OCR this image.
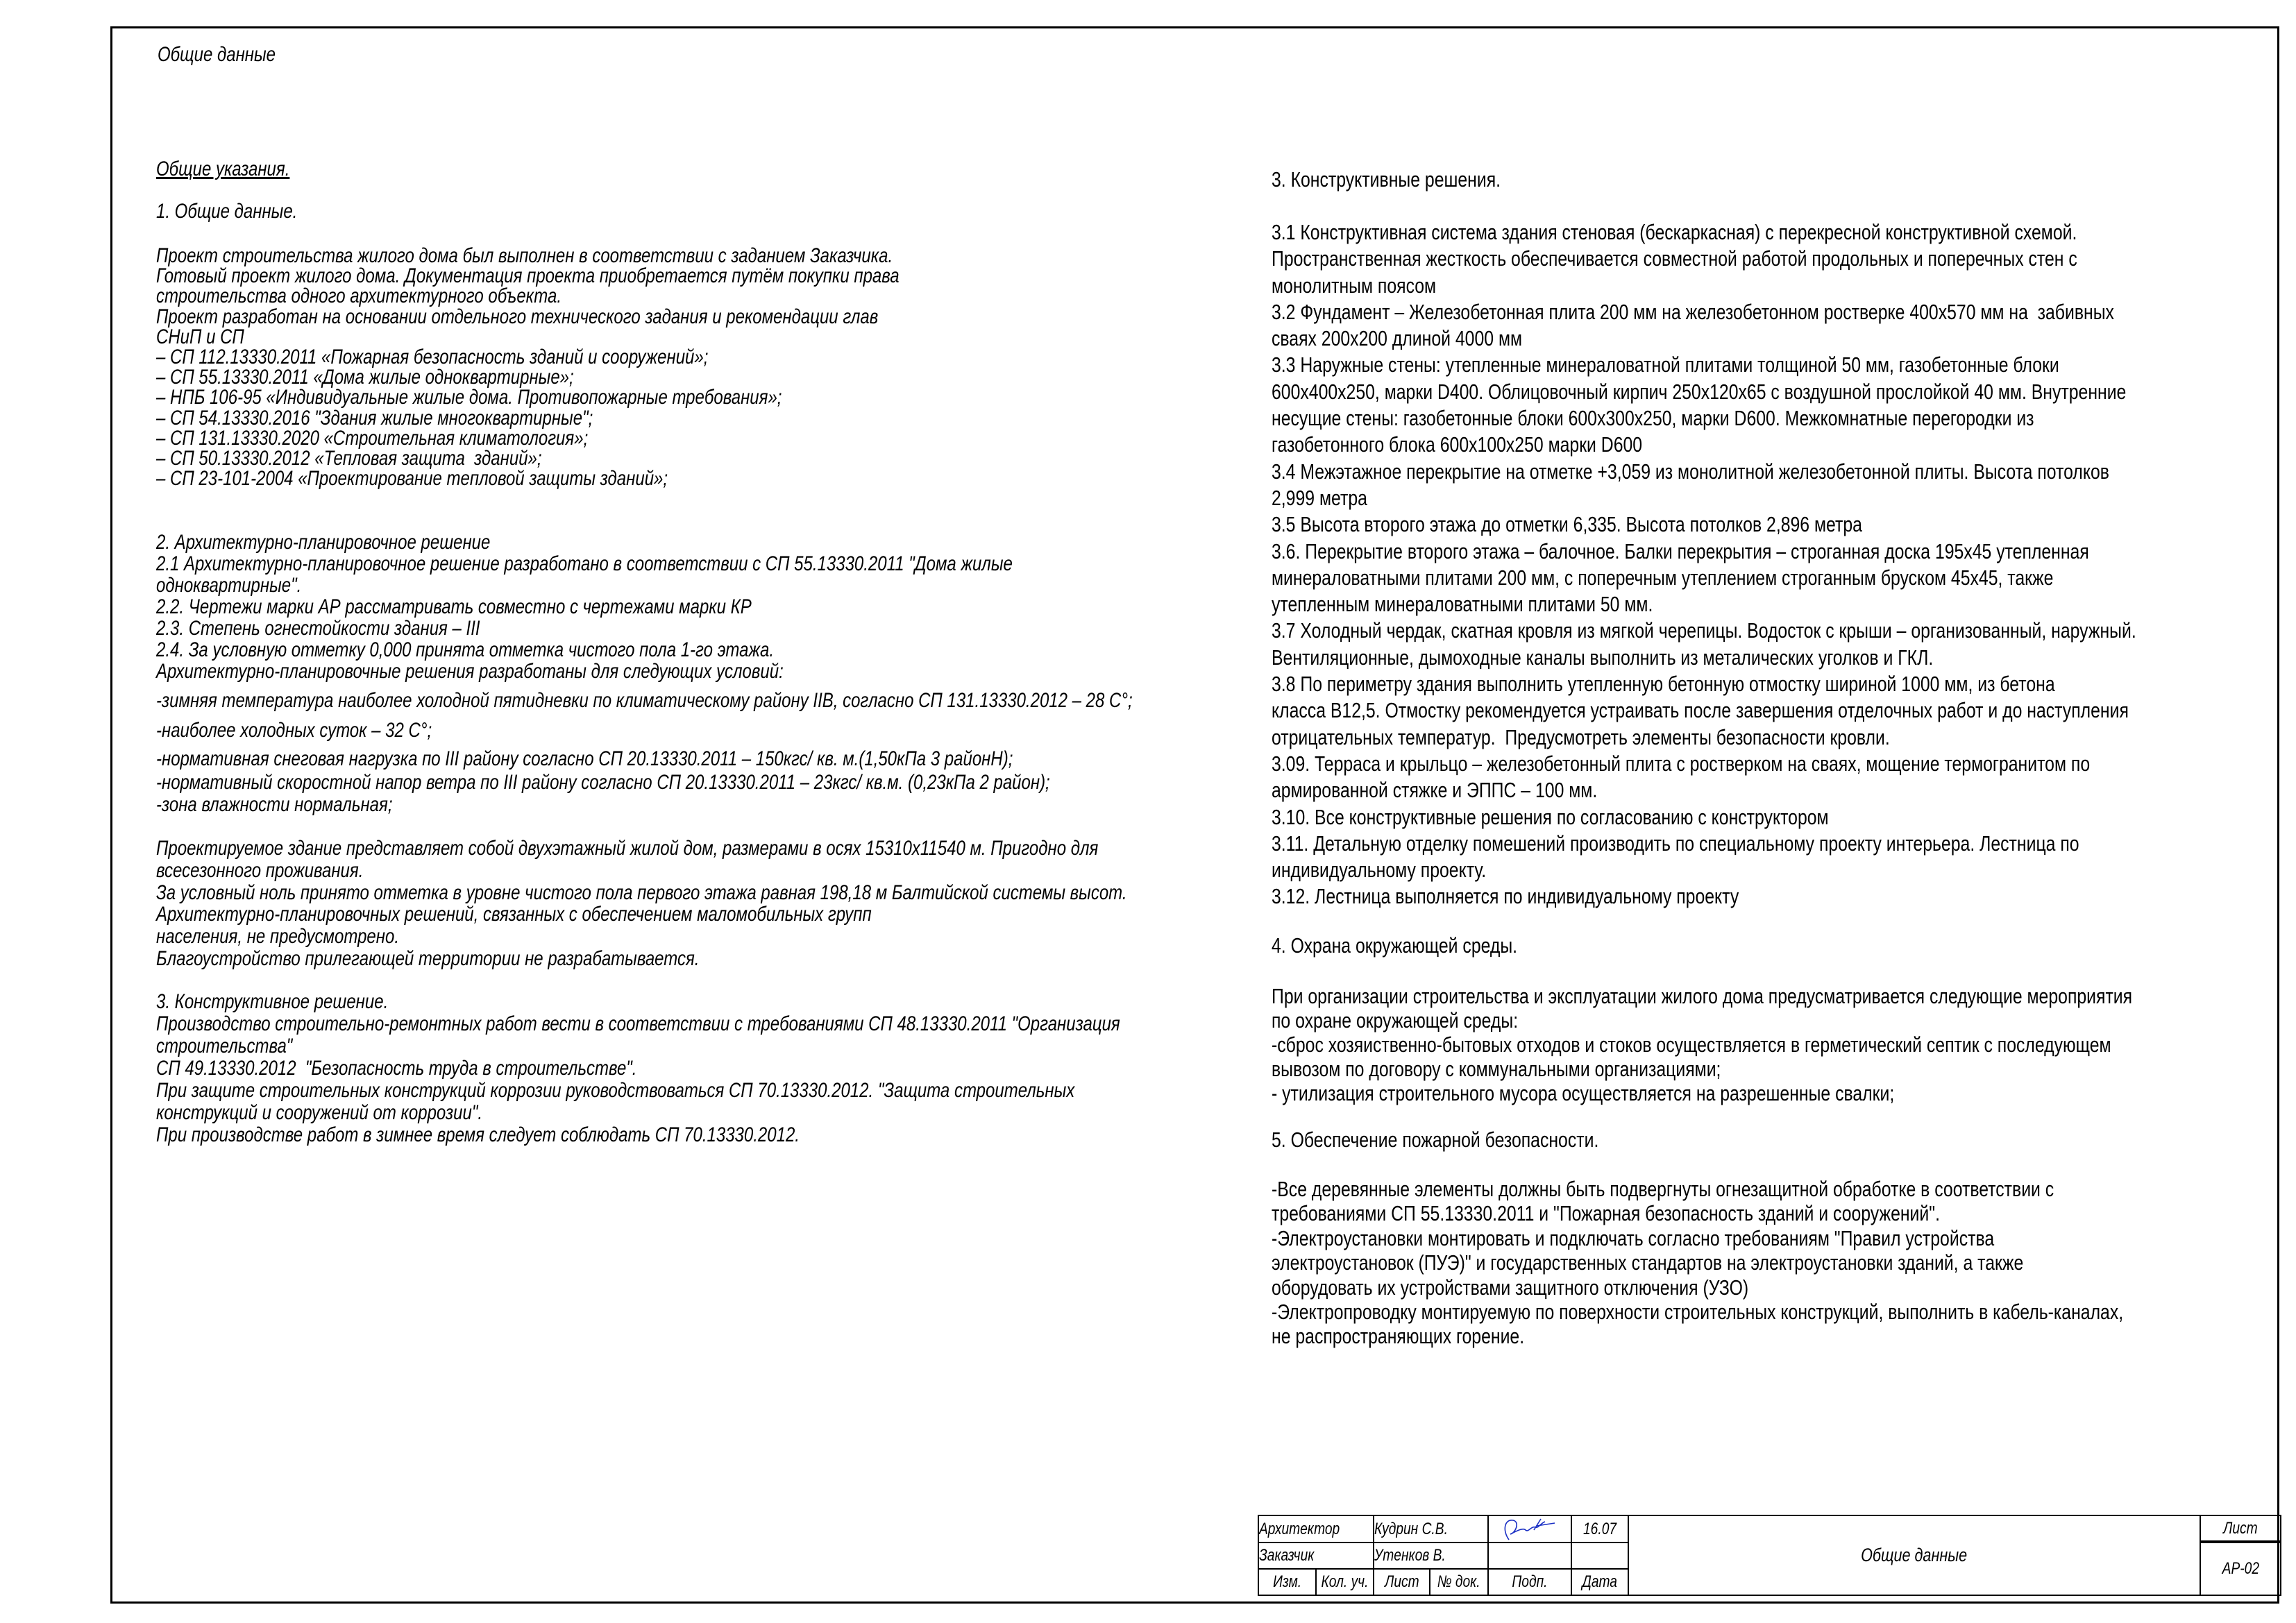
Общие данные
Общие указания.
1. Общие данные.
Проект строительства жилого дома был выполнен в соответствии с заданием Заказчика.
Готовый проект жилого дома. Документация проекта приобретается путём покупки права
строительства одного архитектурного объекта.
Проект разработан на основании отдельного технического задания и рекомендации глав
СНиП и СП
– СП 112.13330.2011 «Пожарная безопасность зданий и сооружений»;
– СП 55.13330.2011 «Дома жилые одноквартирные»;
– НПБ 106-95 «Индивидуальные жилые дома. Противопожарные требования»;
– СП 54.13330.2016 "Здания жилые многоквартирные";
– СП 131.13330.2020 «Строительная климатология»;
– СП 50.13330.2012 «Тепловая защита  зданий»;
– СП 23-101-2004 «Проектирование тепловой защиты зданий»;
2. Архитектурно-планировочное решение
2.1 Архитектурно-планировочное решение разработано в соответствии с СП 55.13330.2011 "Дома жилые
одноквартирные".
2.2. Чертежи марки АР рассматривать совместно с чертежами марки КР
2.3. Степень огнестойкости здания – III
2.4. За условную отметку 0,000 принята отметка чистого пола 1-го этажа.
Архитектурно-планировочные решения разработаны для следующих условий:
-зимняя температура наиболее холодной пятидневки по климатическому району IIВ, согласно СП 131.13330.2012 – 28 С°;
-наиболее холодных суток – 32 С°;
-нормативная снеговая нагрузка по III району согласно СП 20.13330.2011 – 150кгс/ кв. м.(1,50кПа 3 районН);
-нормативный скоростной напор ветра по III району согласно СП 20.13330.2011 – 23кгс/ кв.м. (0,23кПа 2 район);
-зона влажности нормальная;
Проектируемое здание представляет собой двухэтажный жилой дом, размерами в осях 15310х11540 м. Пригодно для
всесезонного проживания.
За условный ноль принято отметка в уровне чистого пола первого этажа равная 198,18 м Балтийской системы высот.
Архитектурно-планировочных решений, связанных с обеспечением маломобильных групп
населения, не предусмотрено.
Благоустройство прилегающей территории не разрабатывается.
3. Конструктивное решение.
Производство строительно-ремонтных работ вести в соответствии с требованиями СП 48.13330.2011 "Организация
строительства"
СП 49.13330.2012  "Безопасность труда в строительстве".
При защите строительных конструкций коррозии руководствоваться СП 70.13330.2012. "Защита строительных
конструкций и сооружений от коррозии".
При производстве работ в зимнее время следует соблюдать СП 70.13330.2012.
3. Конструктивные решения.
3.1 Конструктивная система здания стеновая (бескаркасная) с перекресной конструктивной схемой.
Пространственная жесткость обеспечивается совместной работой продольных и поперечных стен с
монолитным поясом
3.2 Фундамент – Железобетонная плита 200 мм на железобетонном ростверке 400х570 мм на  забивных
сваях 200х200 длиной 4000 мм
3.3 Наружные стены: утепленные минераловатной плитами толщиной 50 мм, газобетонные блоки
600х400х250, марки D400. Облицовочный кирпич 250х120х65 с воздушной прослойкой 40 мм. Внутренние
несущие стены: газобетонные блоки 600х300х250, марки D600. Межкомнатные перегородки из
газобетонного блока 600х100х250 марки D600
3.4 Межэтажное перекрытие на отметке +3,059 из монолитной железобетонной плиты. Высота потолков
2,999 метра
3.5 Высота второго этажа до отметки 6,335. Высота потолков 2,896 метра
3.6. Перекрытие второго этажа – балочное. Балки перекрытия – строганная доска 195х45 утепленная
минераловатными плитами 200 мм, с поперечным утеплением строганным бруском 45х45, также
утепленным минераловатными плитами 50 мм.
3.7 Холодный чердак, скатная кровля из мягкой черепицы. Водосток с крыши – организованный, наружный.
Вентиляционные, дымоходные каналы выполнить из металических уголков и ГКЛ.
3.8 По периметру здания выполнить утепленную бетонную отмостку шириной 1000 мм, из бетона
класса В12,5. Отмостку рекомендуется устраивать после завершения отделочных работ и до наступления
отрицательных температур.  Предусмотреть элементы безопасности кровли.
3.09. Терраса и крыльцо – железобетонный плита с ростверком на сваях, мощение термогранитом по
армированной стяжке и ЭППС – 100 мм.
3.10. Все конструктивные решения по согласованию с конструктором
3.11. Детальную отделку помешений производить по специальному проекту интерьера. Лестница по
индивидуальному проекту.
3.12. Лестница выполняется по индивидуальному проекту
4. Охрана окружающей среды.
При организации строительства и эксплуатации жилого дома предусматривается следующие мероприятия
по охране окружающей среды:
-сброс хозяиственно-бытовых отходов и стоков осуществляется в герметический септик с последующем
вывозом по договору с коммунальными организациями;
- утилизация строительного мусора осуществляется на разрешенные свалки;
5. Обеспечение пожарной безопасности.
-Все деревянные элементы должны быть подвергнуты огнезащитной обработке в соответствии с
требованиями СП 55.13330.2011 и "Пожарная безопасность зданий и сооружений".
-Электроустановки монтировать и подключать согласно требованиям "Правил устройства
электроустановок (ПУЭ)" и государственных стандартов на электроустановки зданий, а также
оборудовать их устройствами защитного отключения (УЗО)
-Электропроводку монтируемую по поверхности строительных конструкций, выполнить в кабель-каналах,
не распространяющих горение.
Архитектор Кудрин С.В.	16.07
Заказчик	Утенков В.
Изм. Кол. уч. Лист № док. Подп. Дата
Общие данные
Лист
АР-02
